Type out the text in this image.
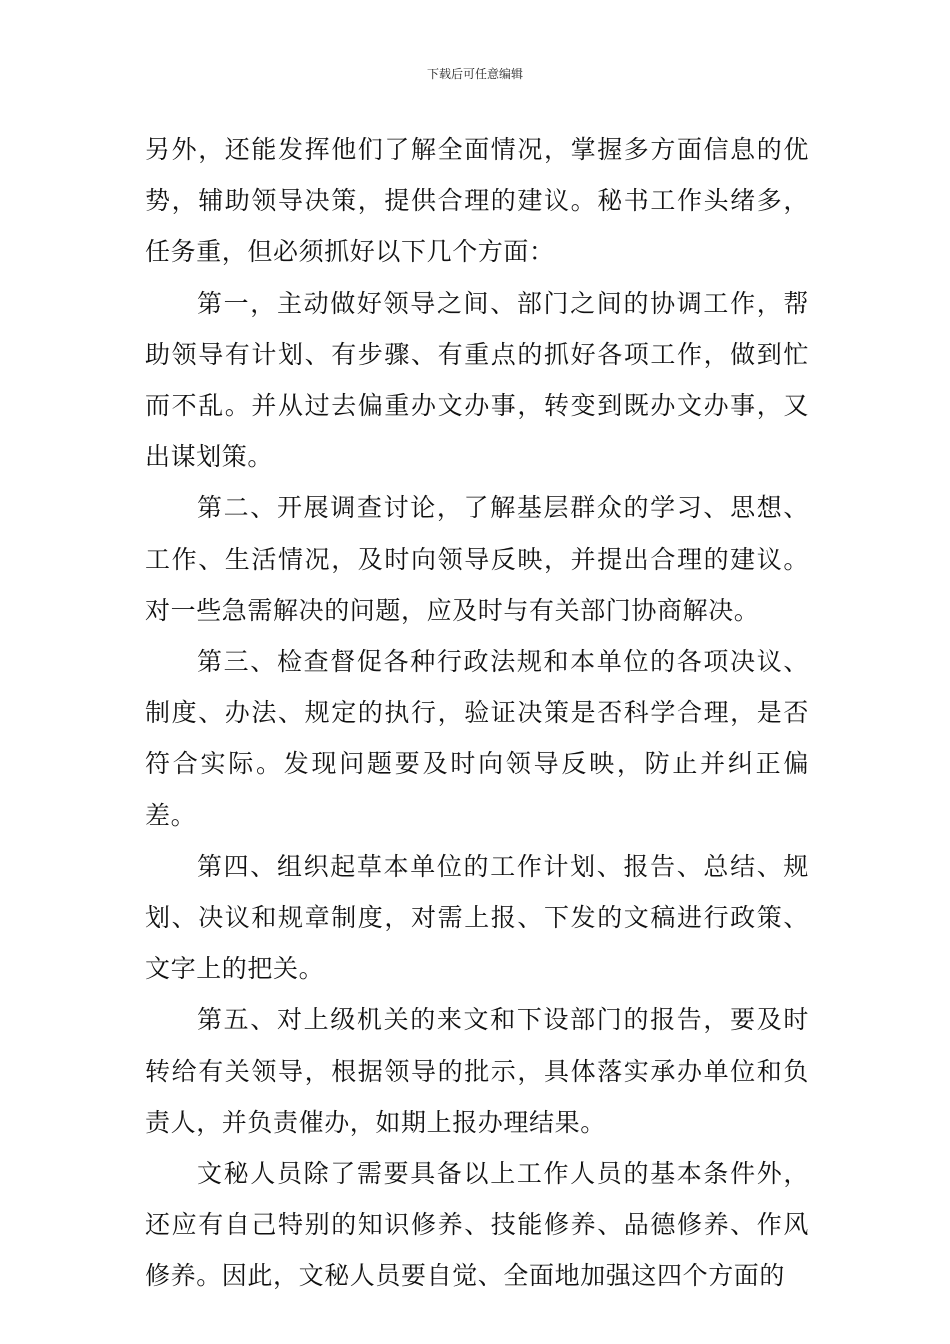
下载后可任意编辑

另外，还能发挥他们了解全面情况，掌握多方面信息的优势，辅助领导决策，提供合理的建议。秘书工作头绪多，任务重，但必须抓好以下几个方面：

第一，主动做好领导之间、部门之间的协调工作，帮助领导有计划、有步骤、有重点的抓好各项工作，做到忙而不乱。并从过去偏重办文办事，转变到既办文办事，又出谋划策。

第二、开展调查讨论，了解基层群众的学习、思想、工作、生活情况，及时向领导反映，并提出合理的建议。对一些急需解决的问题，应及时与有关部门协商解决。

第三、检查督促各种行政法规和本单位的各项决议、制度、办法、规定的执行，验证决策是否科学合理，是否符合实际。发现问题要及时向领导反映，防止并纠正偏差。

第四、组织起草本单位的工作计划、报告、总结、规划、决议和规章制度，对需上报、下发的文稿进行政策、文字上的把关。

第五、对上级机关的来文和下设部门的报告，要及时转给有关领导，根据领导的批示，具体落实承办单位和负责人，并负责催办，如期上报办理结果。

文秘人员除了需要具备以上工作人员的基本条件外，还应有自己特别的知识修养、技能修养、品德修养、作风修养。因此，文秘人员要自觉、全面地加强这四个方面的
